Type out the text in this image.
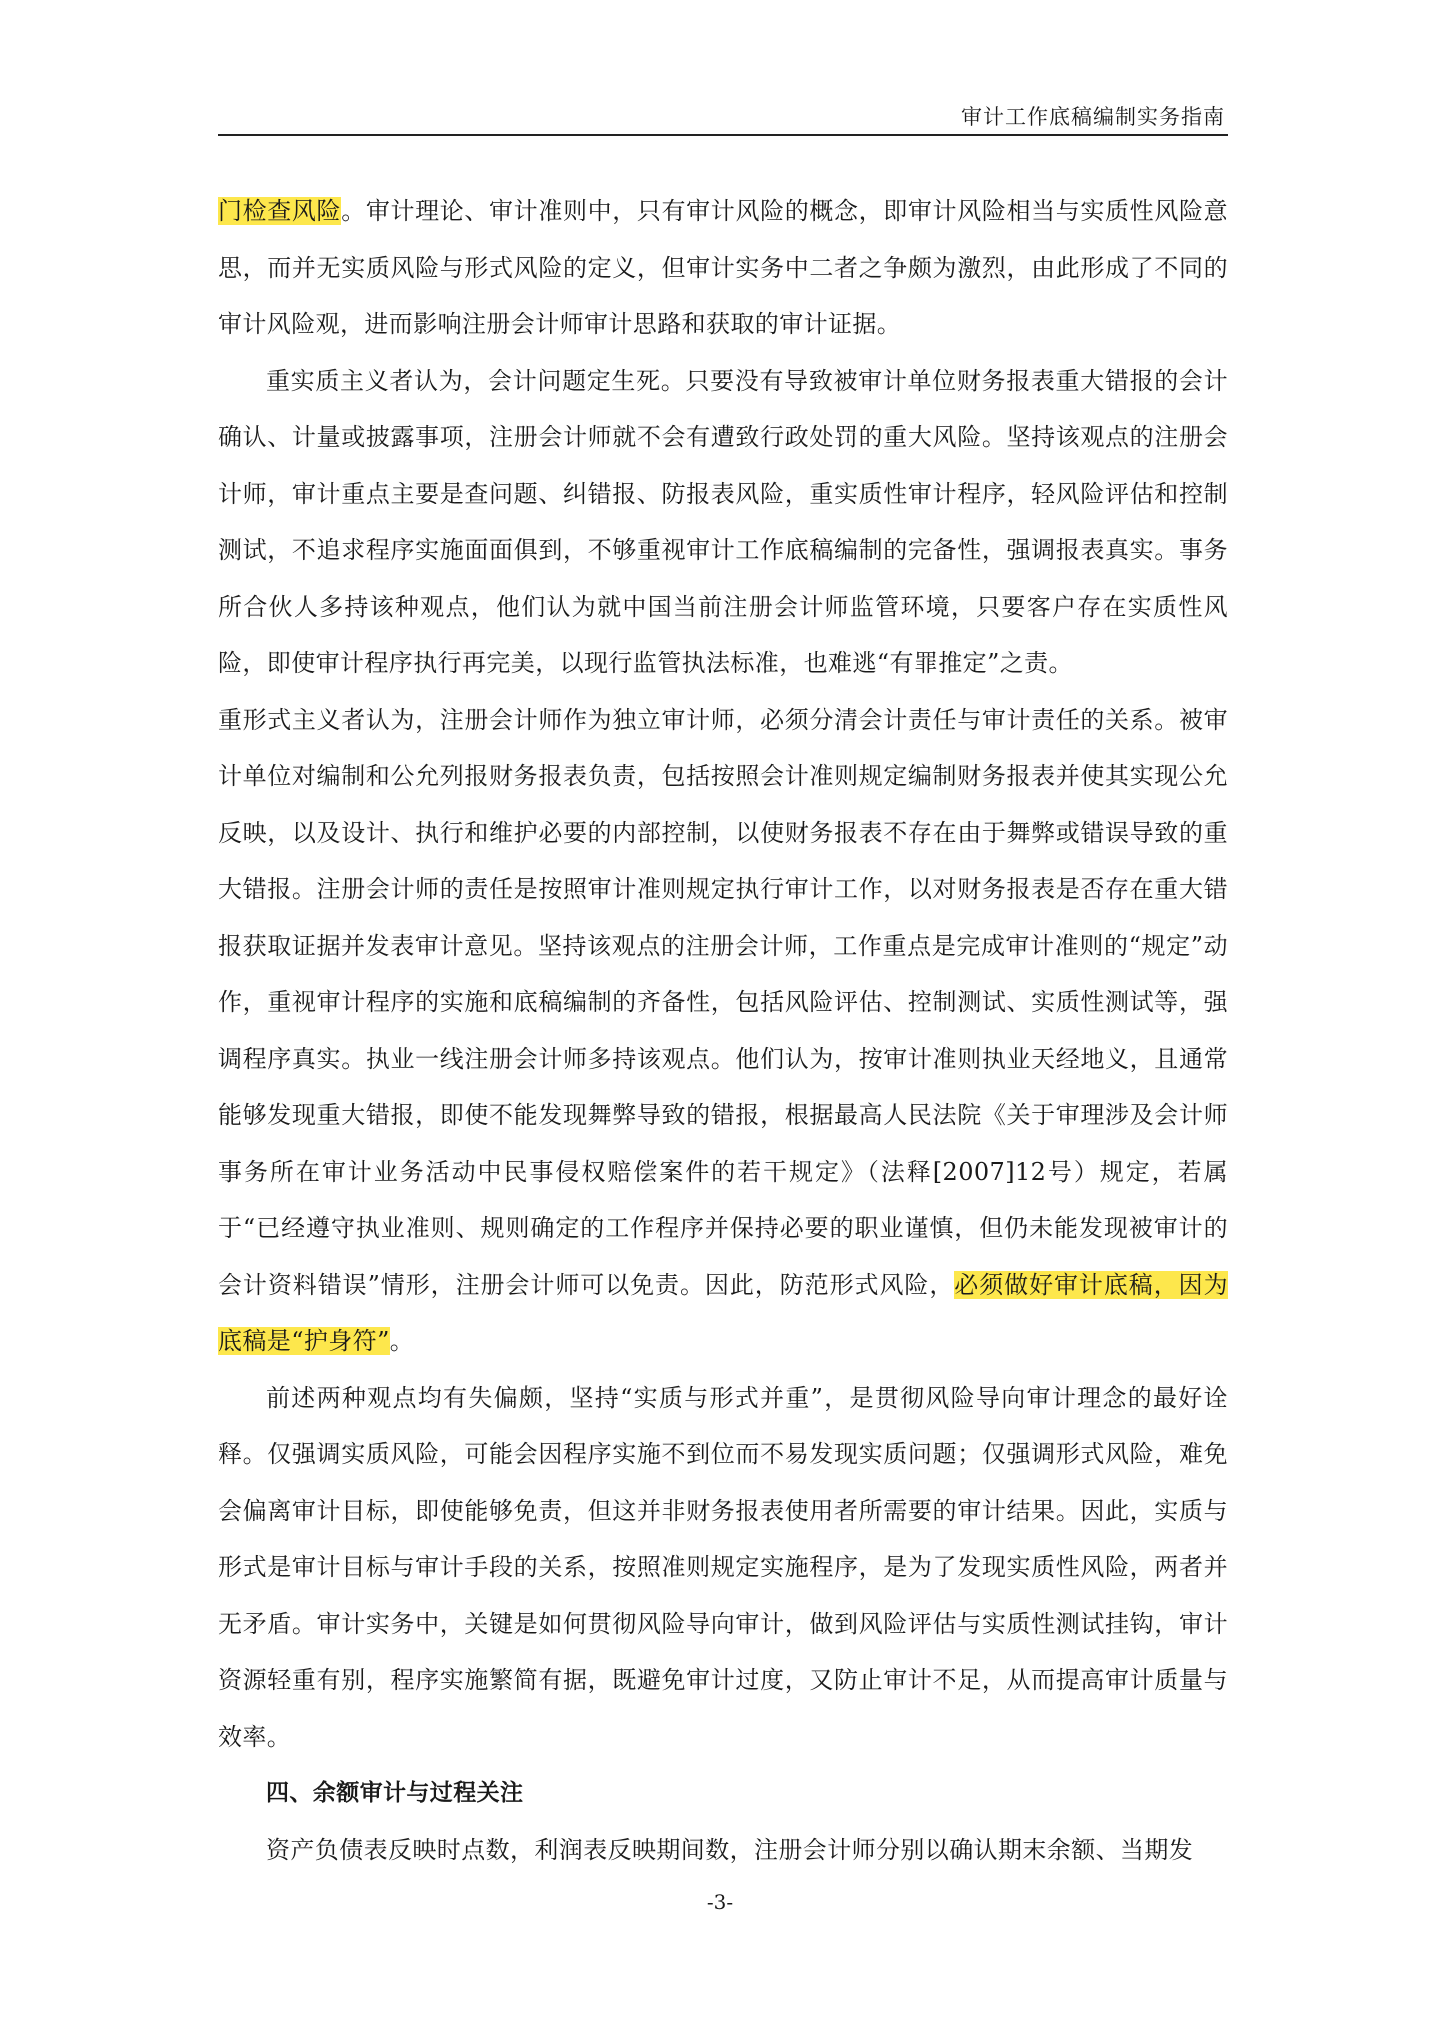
审计工作底稿编制实务指南

门检查风险。审计理论、审计准则中，只有审计风险的概念，即审计风险相当与实质性风险意思，而并无实质风险与形式风险的定义，但审计实务中二者之争颇为激烈，由此形成了不同的审计风险观，进而影响注册会计师审计思路和获取的审计证据。

重实质主义者认为，会计问题定生死。只要没有导致被审计单位财务报表重大错报的会计确认、计量或披露事项，注册会计师就不会有遭致行政处罚的重大风险。坚持该观点的注册会计师，审计重点主要是查问题、纠错报、防报表风险，重实质性审计程序，轻风险评估和控制测试，不追求程序实施面面俱到，不够重视审计工作底稿编制的完备性，强调报表真实。事务所合伙人多持该种观点，他们认为就中国当前注册会计师监管环境，只要客户存在实质性风险，即使审计程序执行再完美，以现行监管执法标准，也难逃“有罪推定”之责。

重形式主义者认为，注册会计师作为独立审计师，必须分清会计责任与审计责任的关系。被审计单位对编制和公允列报财务报表负责，包括按照会计准则规定编制财务报表并使其实现公允反映，以及设计、执行和维护必要的内部控制，以使财务报表不存在由于舞弊或错误导致的重大错报。注册会计师的责任是按照审计准则规定执行审计工作，以对财务报表是否存在重大错报获取证据并发表审计意见。坚持该观点的注册会计师，工作重点是完成审计准则的“规定”动作，重视审计程序的实施和底稿编制的齐备性，包括风险评估、控制测试、实质性测试等，强调程序真实。执业一线注册会计师多持该观点。他们认为，按审计准则执业天经地义，且通常能够发现重大错报，即使不能发现舞弊导致的错报，根据最高人民法院《关于审理涉及会计师事务所在审计业务活动中民事侵权赔偿案件的若干规定》（法释[2007]12号）规定，若属于“已经遵守执业准则、规则确定的工作程序并保持必要的职业谨慎，但仍未能发现被审计的会计资料错误”情形，注册会计师可以免责。因此，防范形式风险，必须做好审计底稿，因为底稿是“护身符”。

前述两种观点均有失偏颇，坚持“实质与形式并重”，是贯彻风险导向审计理念的最好诠释。仅强调实质风险，可能会因程序实施不到位而不易发现实质问题；仅强调形式风险，难免会偏离审计目标，即使能够免责，但这并非财务报表使用者所需要的审计结果。因此，实质与形式是审计目标与审计手段的关系，按照准则规定实施程序，是为了发现实质性风险，两者并无矛盾。审计实务中，关键是如何贯彻风险导向审计，做到风险评估与实质性测试挂钩，审计资源轻重有别，程序实施繁简有据，既避免审计过度，又防止审计不足，从而提高审计质量与效率。

四、余额审计与过程关注

资产负债表反映时点数，利润表反映期间数，注册会计师分别以确认期末余额、当期发

-3-
